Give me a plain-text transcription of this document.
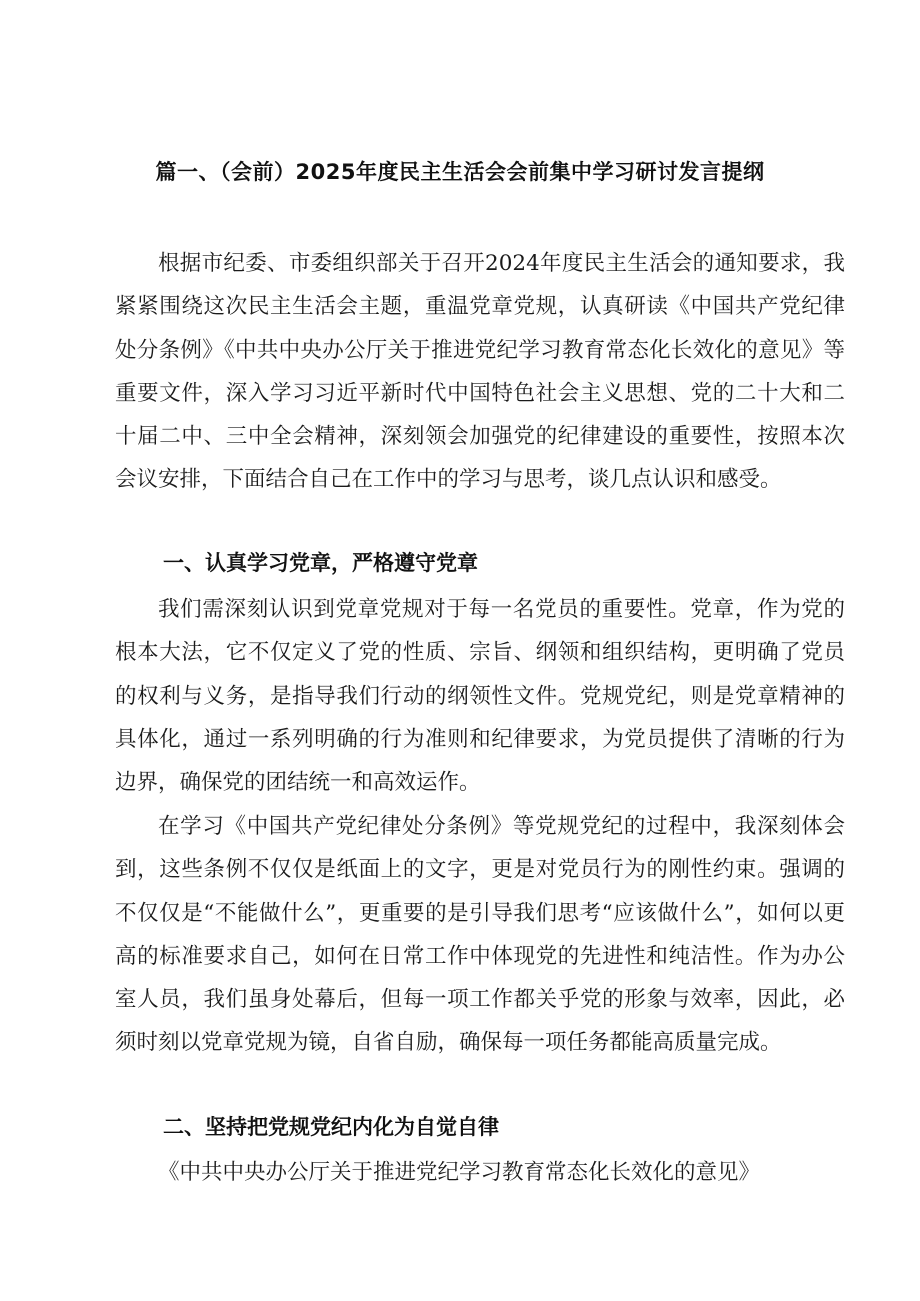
篇一、（会前）2025年度民主生活会会前集中学习研讨发言提纲

根据市纪委、市委组织部关于召开2024年度民主生活会的通知要求，我紧紧围绕这次民主生活会主题，重温党章党规，认真研读《中国共产党纪律处分条例》《中共中央办公厅关于推进党纪学习教育常态化长效化的意见》等重要文件，深入学习习近平新时代中国特色社会主义思想、党的二十大和二十届二中、三中全会精神，深刻领会加强党的纪律建设的重要性，按照本次会议安排，下面结合自己在工作中的学习与思考，谈几点认识和感受。

一、认真学习党章，严格遵守党章

我们需深刻认识到党章党规对于每一名党员的重要性。党章，作为党的根本大法，它不仅定义了党的性质、宗旨、纲领和组织结构，更明确了党员的权利与义务，是指导我们行动的纲领性文件。党规党纪，则是党章精神的具体化，通过一系列明确的行为准则和纪律要求，为党员提供了清晰的行为边界，确保党的团结统一和高效运作。

在学习《中国共产党纪律处分条例》等党规党纪的过程中，我深刻体会到，这些条例不仅仅是纸面上的文字，更是对党员行为的刚性约束。强调的不仅仅是“不能做什么”，更重要的是引导我们思考“应该做什么”，如何以更高的标准要求自己，如何在日常工作中体现党的先进性和纯洁性。作为办公室人员，我们虽身处幕后，但每一项工作都关乎党的形象与效率，因此，必须时刻以党章党规为镜，自省自励，确保每一项任务都能高质量完成。

二、坚持把党规党纪内化为自觉自律

《中共中央办公厅关于推进党纪学习教育常态化长效化的意见》
